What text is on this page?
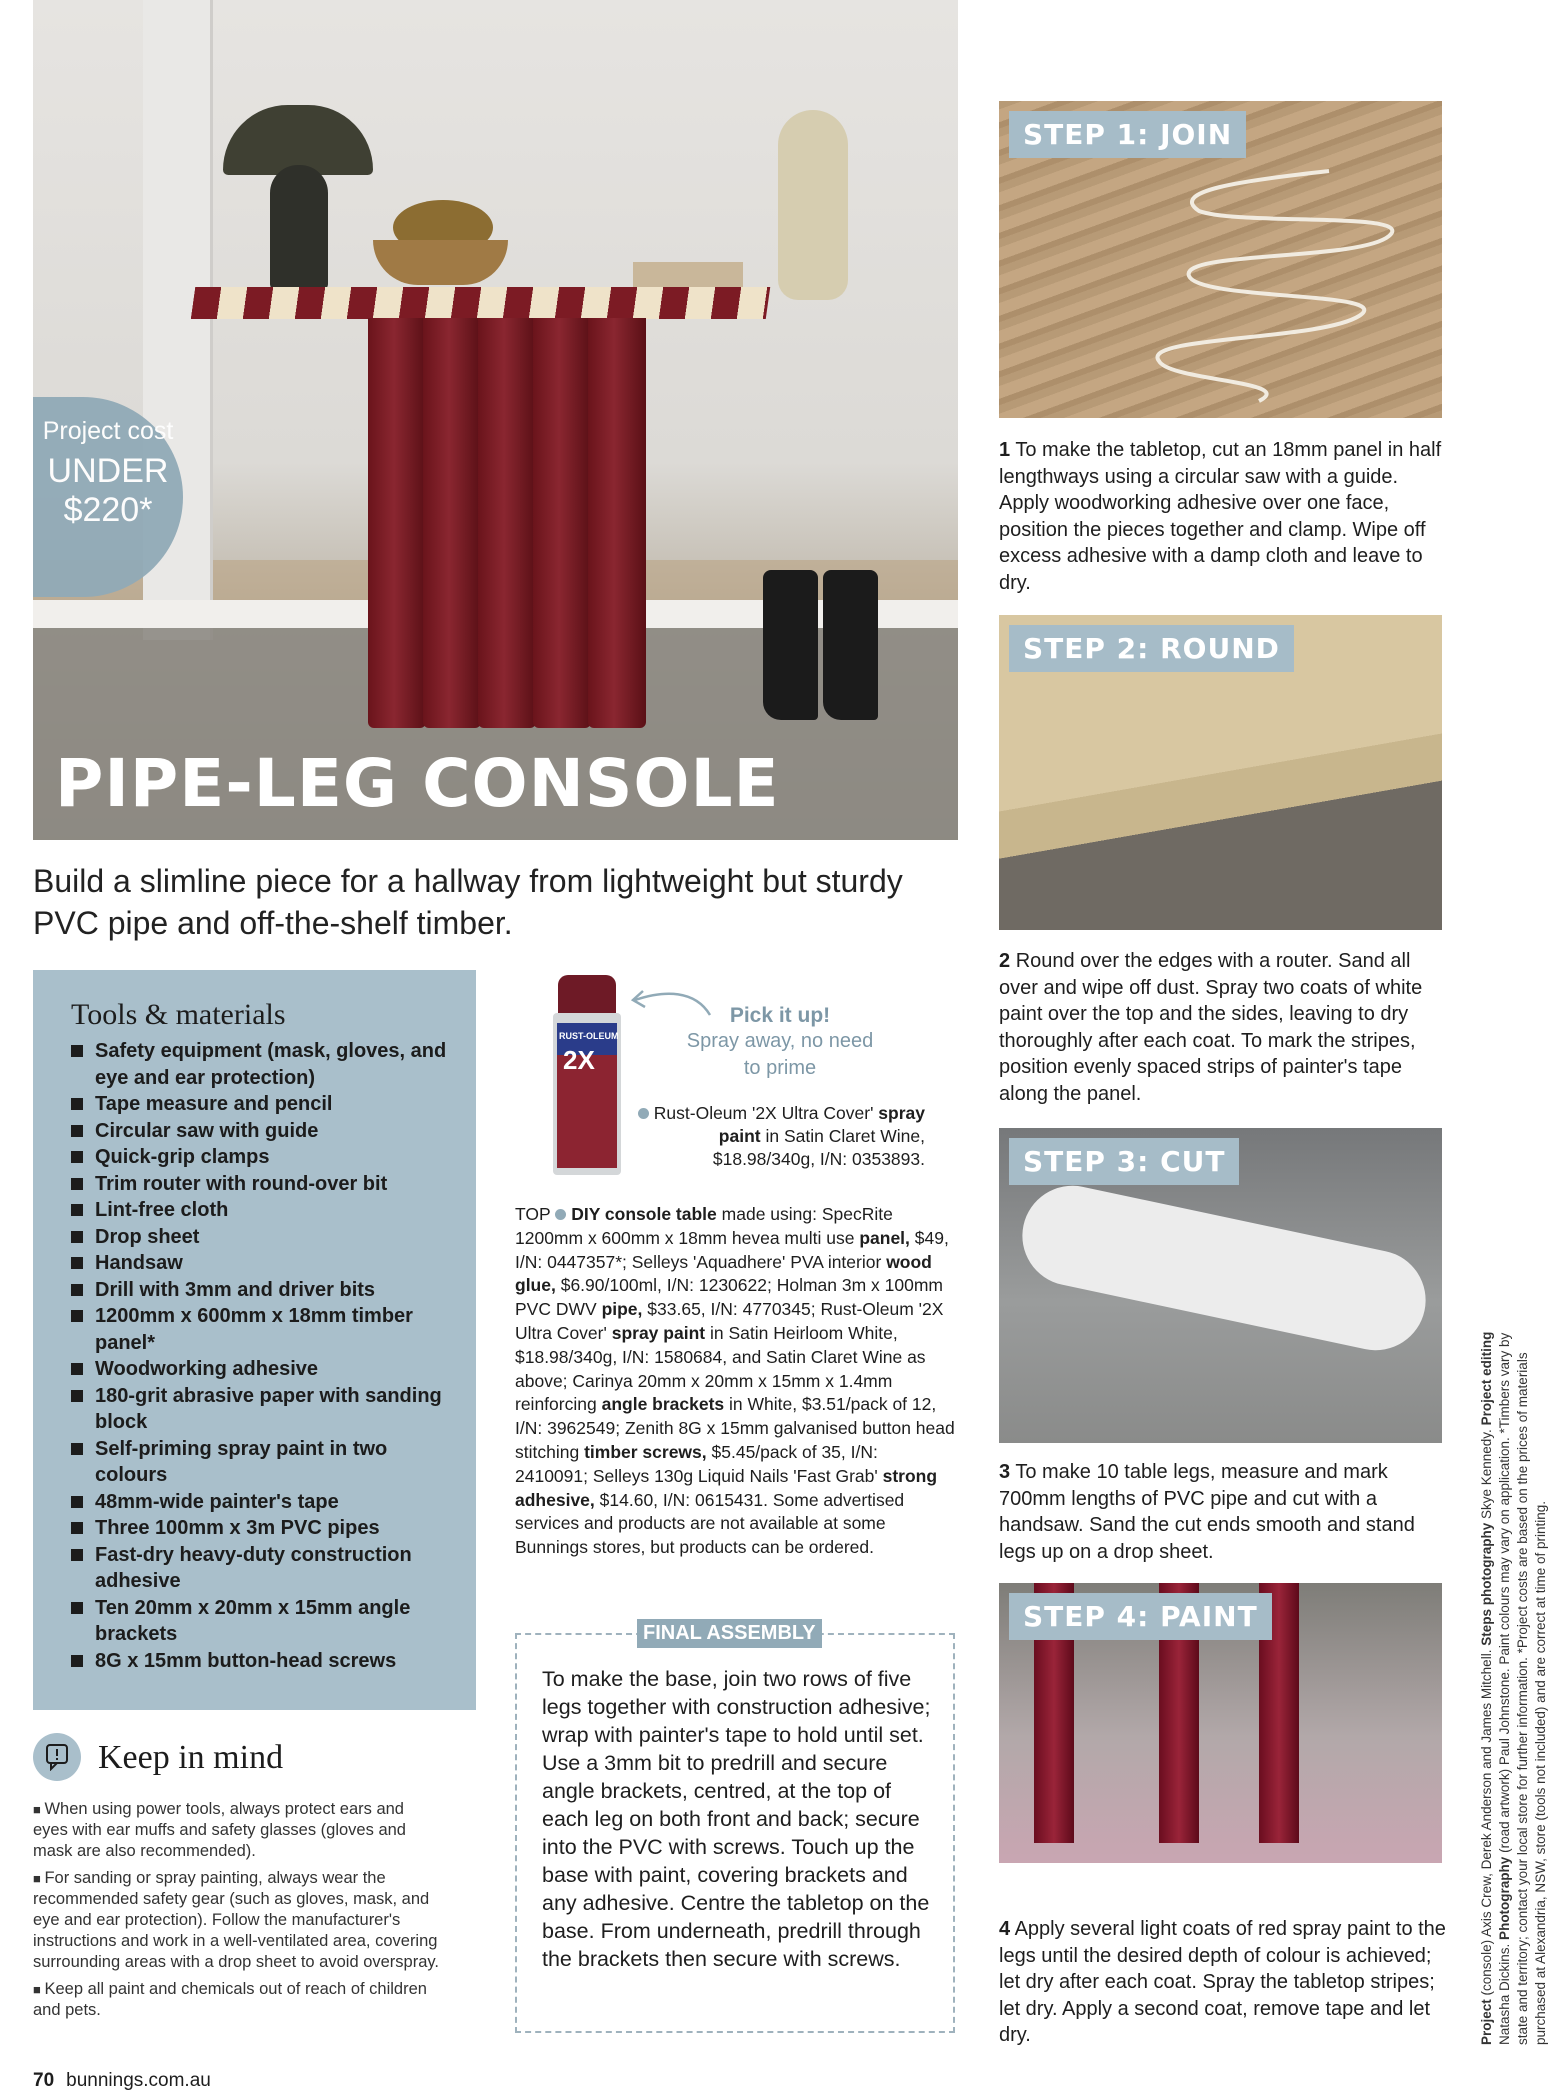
PIPE-LEG CONSOLE
Project cost
UNDER
$220*
Build a slimline piece for a hallway from lightweight but sturdy PVC pipe and off-the-shelf timber.
Tools & materials
Safety equipment (mask, gloves, and eye and ear protection)
Tape measure and pencil
Circular saw with guide
Quick-grip clamps
Trim router with round-over bit
Lint-free cloth
Drop sheet
Handsaw
Drill with 3mm and driver bits
1200mm x 600mm x 18mm timber panel*
Woodworking adhesive
180-grit abrasive paper with sanding block
Self-priming spray paint in two colours
48mm-wide painter's tape
Three 100mm x 3m PVC pipes
Fast-dry heavy-duty construction adhesive
Ten 20mm x 20mm x 15mm angle brackets
8G x 15mm button-head screws
Keep in mind

■ When using power tools, always protect ears and eyes with ear muffs and safety glasses (gloves and mask are also recommended).

■ For sanding or spray painting, always wear the recommended safety gear (such as gloves, mask, and eye and ear protection). Follow the manufacturer's instructions and work in a well-ventilated area, covering surrounding areas with a drop sheet to avoid overspray.

■ Keep all paint and chemicals out of reach of children and pets.

70 bunnings.com.au
RUST-OLEUM
2X
Pick it up!
Spray away, no need to prime
Rust-Oleum '2X Ultra Cover' spray paint in Satin Claret Wine, $18.98/340g, I/N: 0353893.
TOP DIY console table made using: SpecRite 1200mm x 600mm x 18mm hevea multi use panel, $49, I/N: 0447357*; Selleys 'Aquadhere' PVA interior wood glue, $6.90/100ml, I/N: 1230622; Holman 3m x 100mm PVC DWV pipe, $33.65, I/N: 4770345; Rust-Oleum '2X Ultra Cover' spray paint in Satin Heirloom White, $18.98/340g, I/N: 1580684, and Satin Claret Wine as above; Carinya 20mm x 20mm x 15mm x 1.4mm reinforcing angle brackets in White, $3.51/pack of 12, I/N: 3962549; Zenith 8G x 15mm galvanised button head stitching timber screws, $5.45/pack of 35, I/N: 2410091; Selleys 130g Liquid Nails 'Fast Grab' strong adhesive, $14.60, I/N: 0615431. Some advertised services and products are not available at some Bunnings stores, but products can be ordered.
FINAL ASSEMBLY

To make the base, join two rows of five legs together with construction adhesive; wrap with painter's tape to hold until set. Use a 3mm bit to predrill and secure angle brackets, centred, at the top of each leg on both front and back; secure into the PVC with screws. Touch up the base with paint, covering brackets and any adhesive. Centre the tabletop on the base. From underneath, predrill through the brackets then secure with screws.

STEP 1: JOIN
1 To make the tabletop, cut an 18mm panel in half lengthways using a circular saw with a guide. Apply woodworking adhesive over one face, position the pieces together and clamp. Wipe off excess adhesive with a damp cloth and leave to dry.
STEP 2: ROUND
2 Round over the edges with a router. Sand all over and wipe off dust. Spray two coats of white paint over the top and the sides, leaving to dry thoroughly after each coat. To mark the stripes, position evenly spaced strips of painter's tape along the panel.
STEP 3: CUT
3 To make 10 table legs, measure and mark 700mm lengths of PVC pipe and cut with a handsaw. Sand the cut ends smooth and stand legs up on a drop sheet.
STEP 4: PAINT
4 Apply several light coats of red spray paint to the legs until the desired depth of colour is achieved; let dry after each coat. Spray the tabletop stripes; let dry. Apply a second coat, remove tape and let dry.	Project (console) Axis Crew, Derek Anderson and James Mitchell. Steps photography Skye Kennedy. Project editing Natasha Dickins. Photography (road artwork) Paul Johnstone. Paint colours may vary on application. *Timbers vary by state and territory; contact your local store for further information. *Project costs are based on the prices of materials purchased at Alexandria, NSW, store (tools not included) and are correct at time of printing.
